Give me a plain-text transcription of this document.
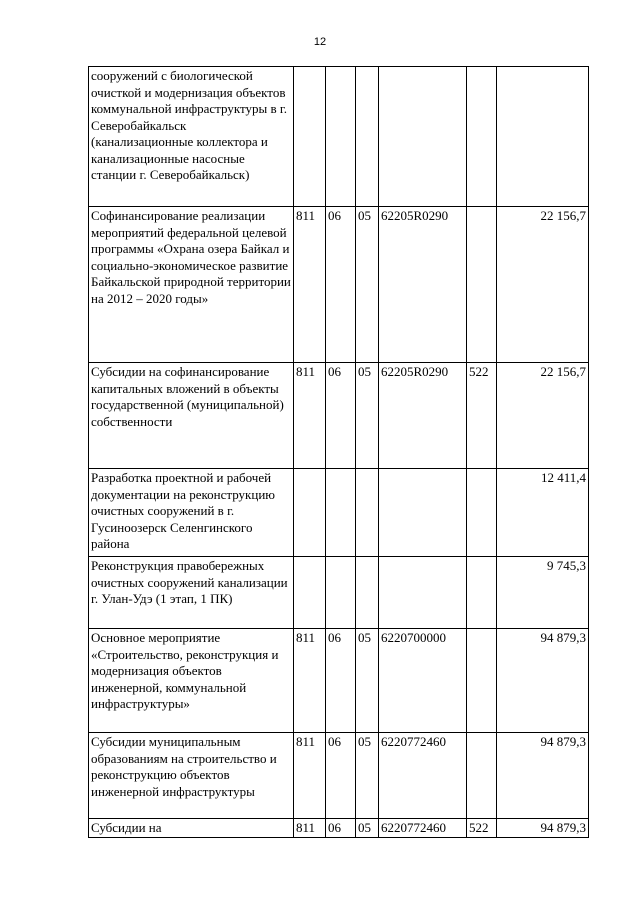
12
сооружений с биологической очисткой и модернизация объектов коммунальной инфраструктуры в г. Северобайкальск (канализационные коллектора и канализационные насосные станции г. Северобайкальск)						
Софинансирование реализации мероприятий федеральной целевой программы «Охрана озера Байкал и социально-экономическое развитие Байкальской природной территории на 2012 – 2020 годы»	811	06	05	62205R0290		22 156,7
Субсидии на софинансирование капитальных вложений в объекты государственной (муниципальной) собственности	811	06	05	62205R0290	522	22 156,7
Разработка проектной и рабочей документации на реконструкцию очистных сооружений в г. Гусиноозерск Селенгинского района						12 411,4
Реконструкция правобережных очистных сооружений канализации г. Улан-Удэ (1 этап, 1 ПК)						9 745,3
Основное мероприятие «Строительство, реконструкция и модернизация объектов инженерной, коммунальной инфраструктуры»	811	06	05	6220700000		94 879,3
Субсидии муниципальным образованиям на строительство и реконструкцию объектов инженерной инфраструктуры	811	06	05	6220772460		94 879,3
Субсидии на	811	06	05	6220772460	522	94 879,3
